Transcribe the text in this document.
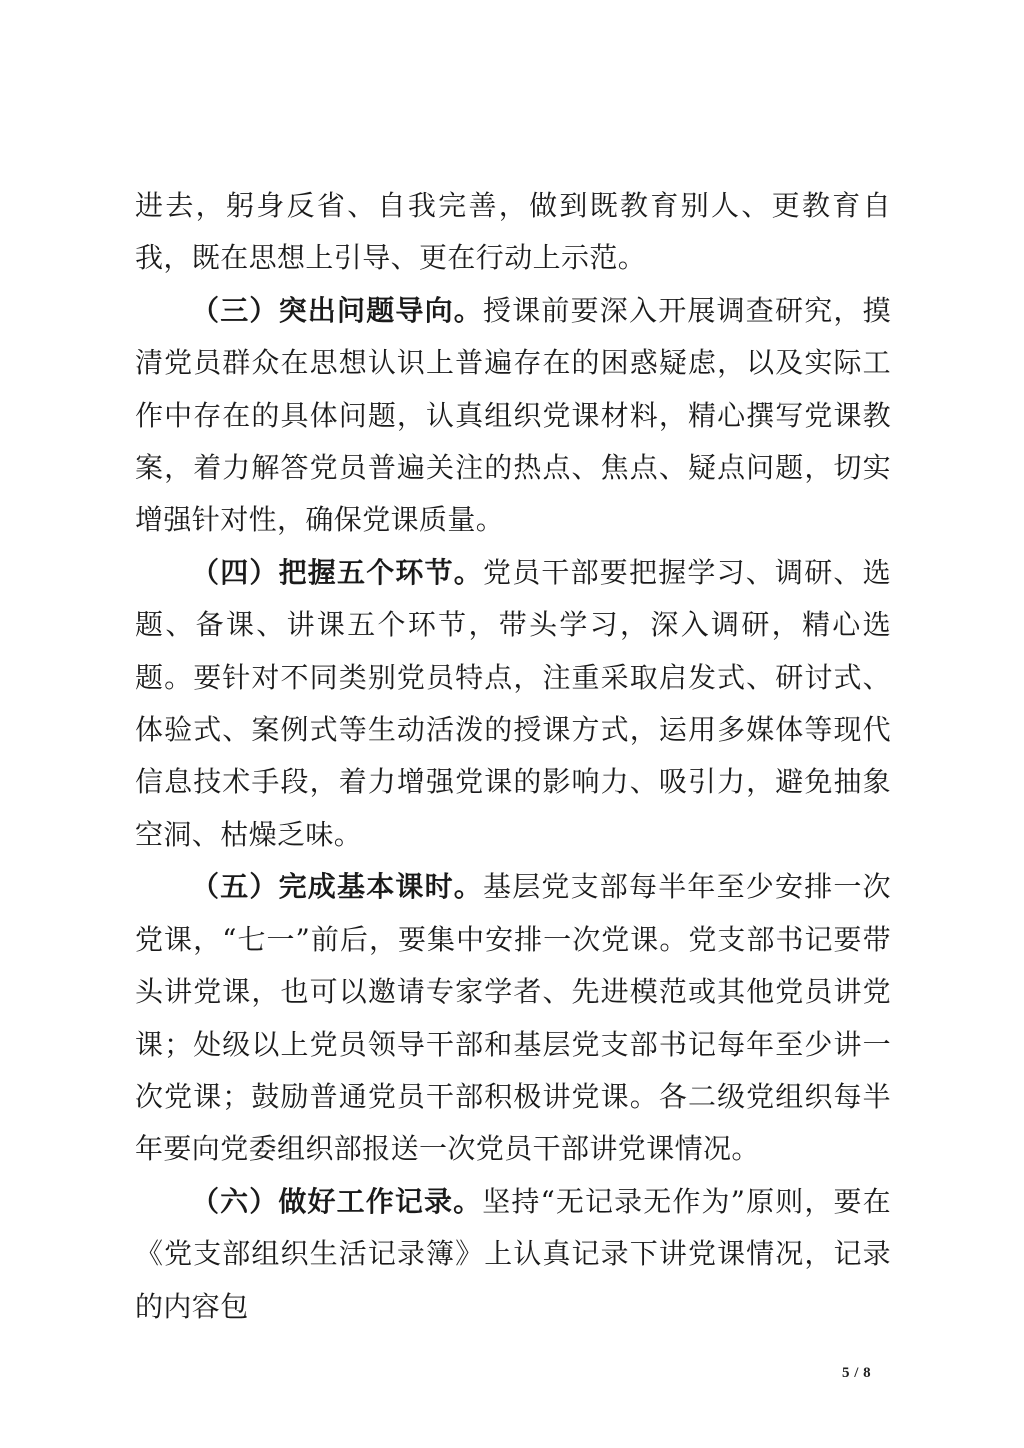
进去，躬身反省、自我完善，做到既教育别人、更教育自我，既在思想上引导、更在行动上示范。

（三）突出问题导向。授课前要深入开展调查研究，摸清党员群众在思想认识上普遍存在的困惑疑虑，以及实际工作中存在的具体问题，认真组织党课材料，精心撰写党课教案，着力解答党员普遍关注的热点、焦点、疑点问题，切实增强针对性，确保党课质量。

（四）把握五个环节。党员干部要把握学习、调研、选题、备课、讲课五个环节，带头学习，深入调研，精心选题。要针对不同类别党员特点，注重采取启发式、研讨式、体验式、案例式等生动活泼的授课方式，运用多媒体等现代信息技术手段，着力增强党课的影响力、吸引力，避免抽象空洞、枯燥乏味。

（五）完成基本课时。基层党支部每半年至少安排一次党课，“七一”前后，要集中安排一次党课。党支部书记要带头讲党课，也可以邀请专家学者、先进模范或其他党员讲党课；处级以上党员领导干部和基层党支部书记每年至少讲一次党课；鼓励普通党员干部积极讲党课。各二级党组织每半年要向党委组织部报送一次党员干部讲党课情况。

（六）做好工作记录。坚持“无记录无作为”原则，要在《党支部组织生活记录簿》上认真记录下讲党课情况，记录的内容包

5 / 8
